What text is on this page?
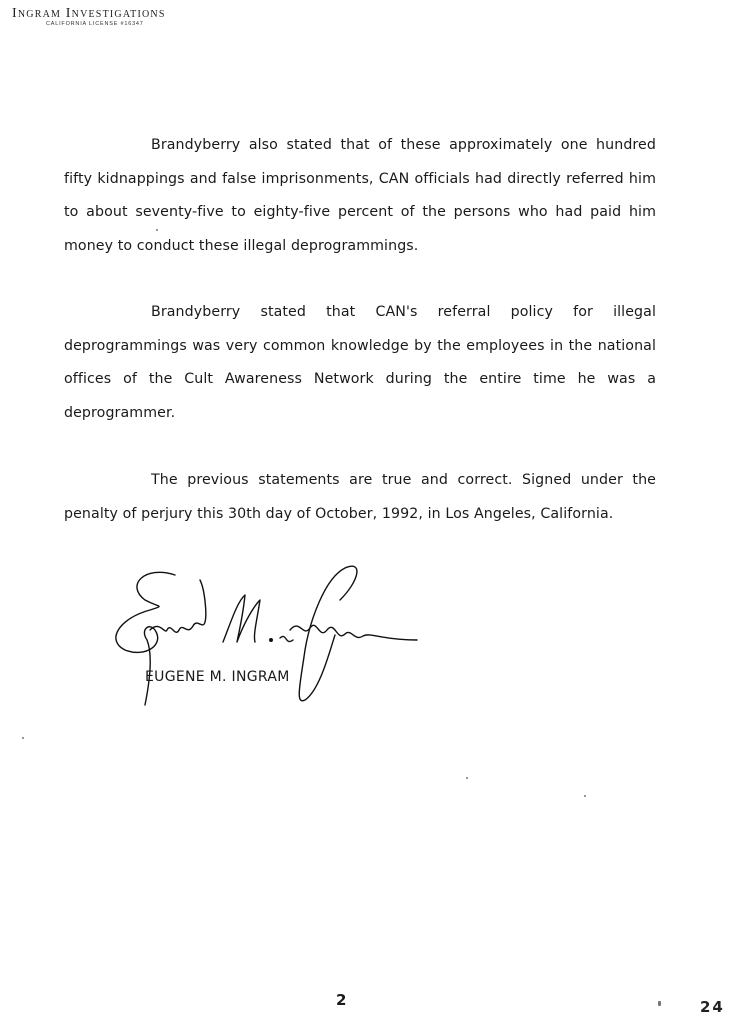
Ingram Investigations
CALIFORNIA LICENSE #16347

Brandyberry also stated that of these approximately one hundred fifty kidnappings and false imprisonments, CAN officials had directly referred him to about seventy-five to eighty-five percent of the persons who had paid him money to conduct these illegal deprogrammings.

Brandyberry stated that CAN's referral policy for illegal deprogrammings was very common knowledge by the employees in the national offices of the Cult Awareness Network during the entire time he was a deprogrammer.

The previous statements are true and correct. Signed under the penalty of perjury this 30th day of October, 1992, in Los Angeles, California.

EUGENE M. INGRAM
2	24
